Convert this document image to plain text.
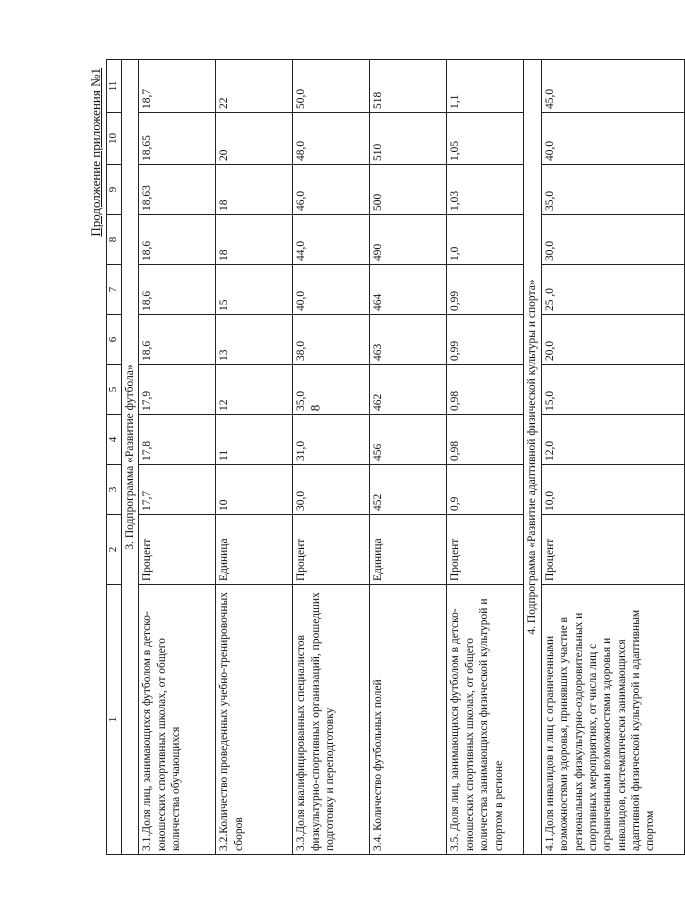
8
Продолжение приложения №1
1	2	3	4	5	6	7	8	9	10	11
3. Подпрограмма «Развитие футбола»										
3.1.Доля лиц, занимающихся футболом в детско-юношеских спортивных школах, от общего количества обучающихся	Процент	17,7	17,8	17,9	18,6	18,6	18,6	18,63	18,65	18,7
3.2.Количество проведенных учебно-тренировочных сборов	Единица	10	11	12	13	15	18	18	20	22
3.3.Доля квалифицированных специалистов физкультурно-спортивных организаций, прошедших подготовку и переподготовку	Процент	30,0	31,0	35,0	38,0	40,0	44,0	46,0	48,0	50,0
3.4. Количество футбольных полей	Единица	452	456	462	463	464	490	500	510	518
3.5. Доля лиц, занимающихся футболом в детско-юношеских спортивных школах, от общего количества занимающихся физической культурой и спортом в регионе	Процент	0,9	0,98	0,98	0,99	0,99	1,0	1,03	1,05	1,1
4. Подпрограмма «Развитие адаптивной физической культуры и спорта»										
4.1.Доля инвалидов и лиц с ограниченными возможностями здоровья, принявших участие в региональных физкультурно-оздоровительных и спортивных мероприятиях, от числа лиц с ограниченными возможностями здоровья и инвалидов, систематически занимающихся адаптивной физической культурой и адаптивным спортом	Процент	10,0	12,0	15,0	20,0	25 ,0	30,0	35,0	40,0	45,0
